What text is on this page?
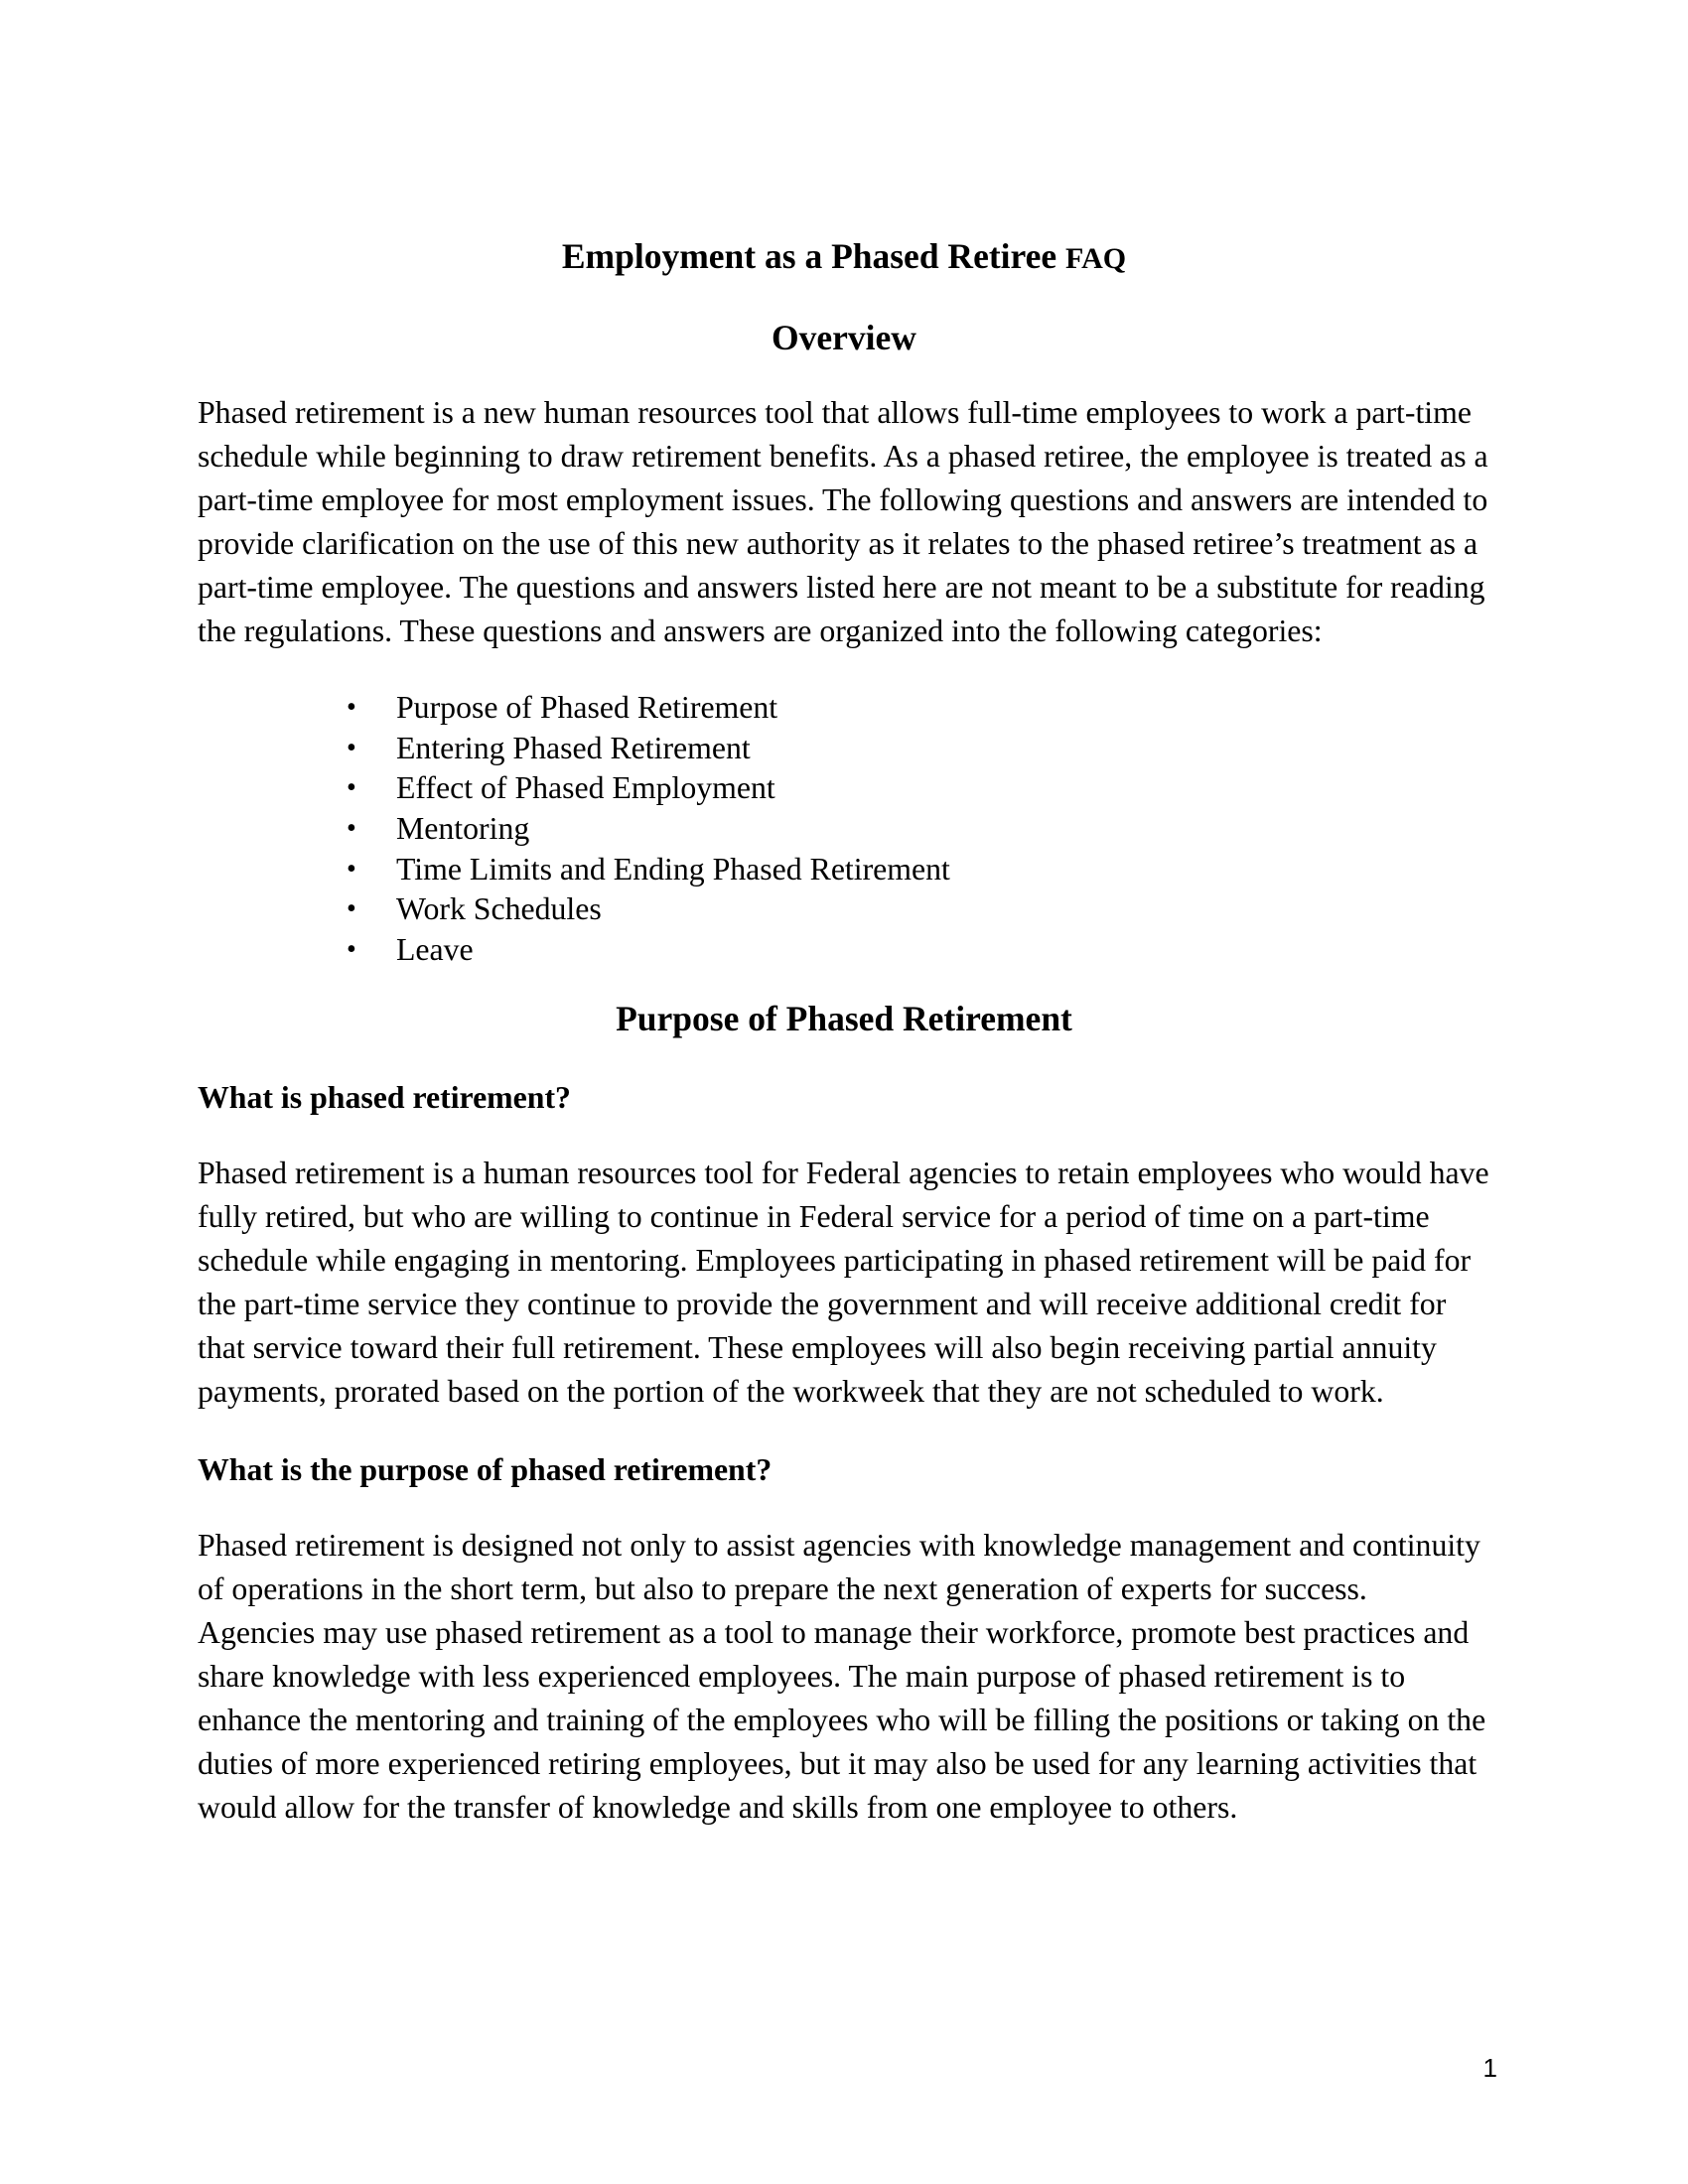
Employment as a Phased Retiree FAQ
Overview

Phased retirement is a new human resources tool that allows full-time employees to work a part-time schedule while beginning to draw retirement benefits. As a phased retiree, the employee is treated as a part-time employee for most employment issues. The following questions and answers are intended to provide clarification on the use of this new authority as it relates to the phased retiree’s treatment as a part-time employee. The questions and answers listed here are not meant to be a substitute for reading the regulations. These questions and answers are organized into the following categories:

• Purpose of Phased Retirement
• Entering Phased Retirement
• Effect of Phased Employment
• Mentoring
• Time Limits and Ending Phased Retirement
• Work Schedules
• Leave
Purpose of Phased Retirement
What is phased retirement?

Phased retirement is a human resources tool for Federal agencies to retain employees who would have fully retired, but who are willing to continue in Federal service for a period of time on a part-time schedule while engaging in mentoring. Employees participating in phased retirement will be paid for the part-time service they continue to provide the government and will receive additional credit for that service toward their full retirement. These employees will also begin receiving partial annuity payments, prorated based on the portion of the workweek that they are not scheduled to work.

What is the purpose of phased retirement?

Phased retirement is designed not only to assist agencies with knowledge management and continuity of operations in the short term, but also to prepare the next generation of experts for success. Agencies may use phased retirement as a tool to manage their workforce, promote best practices and share knowledge with less experienced employees. The main purpose of phased retirement is to enhance the mentoring and training of the employees who will be filling the positions or taking on the duties of more experienced retiring employees, but it may also be used for any learning activities that would allow for the transfer of knowledge and skills from one employee to others.

1
